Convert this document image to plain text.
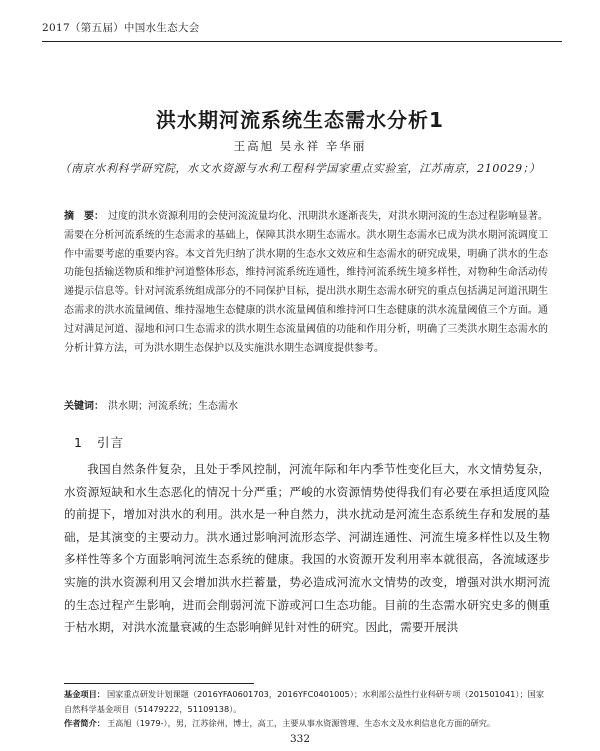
2017（第五届）中国水生态大会
洪水期河流系统生态需水分析1
王高旭 吴永祥 辛华丽
（南京水利科学研究院，水文水资源与水利工程科学国家重点实验室，江苏南京，210029；）
摘　要： 过度的洪水资源利用的会使河流流量均化、汛期洪水逐渐丧失，对洪水期河流的生态过程影响显著。需要在分析河流系统的生态需求的基础上，保障其洪水期生态需水。洪水期生态需水已成为洪水期河流调度工作中需要考虑的重要内容。本文首先归纳了洪水期的生态水文效应和生态需水的研究成果，明确了洪水的生态功能包括输送物质和维护河道整体形态，维持河流系统连通性，维持河流系统生境多样性，对物种生命活动传递提示信息等。针对河流系统组成部分的不同保护目标，提出洪水期生态需水研究的重点包括满足河道汛期生态需求的洪水流量阈值、维持湿地生态健康的洪水流量阈值和维持河口生态健康的洪水流量阈值三个方面。通过对满足河道、湿地和河口生态需求的洪水期生态流量阈值的功能和作用分析，明确了三类洪水期生态需水的分析计算方法，可为洪水期生态保护以及实施洪水期生态调度提供参考。
关键词： 洪水期；河流系统；生态需水
1 引言
我国自然条件复杂，且处于季风控制，河流年际和年内季节性变化巨大，水文情势复杂，水资源短缺和水生态恶化的情况十分严重；严峻的水资源情势使得我们有必要在承担适度风险的前提下，增加对洪水的利用。洪水是一种自然力，洪水扰动是河流生态系统生存和发展的基础，是其演变的主要动力。洪水通过影响河流形态学、河湖连通性、河流生境多样性以及生物多样性等多个方面影响河流生态系统的健康。我国的水资源开发利用率本就很高，各流域逐步实施的洪水资源利用又会增加洪水拦蓄量，势必造成河流水文情势的改变，增强对洪水期河流的生态过程产生影响，进而会削弱河流下游或河口生态功能。目前的生态需水研究史多的侧重于枯水期，对洪水流量衰减的生态影响鲜见针对性的研究。因此，需要开展洪
基金项目： 国家重点研发计划课题（2016YFA0601703，2016YFC0401005）；水利部公益性行业科研专项（201501041）；国家自然科学基金项目（51479222，51109138）。
作者简介： 王高旭（1979-），男，江苏徐州，博士，高工，主要从事水资源管理、生态水文及水利信息化方面的研究。
332
